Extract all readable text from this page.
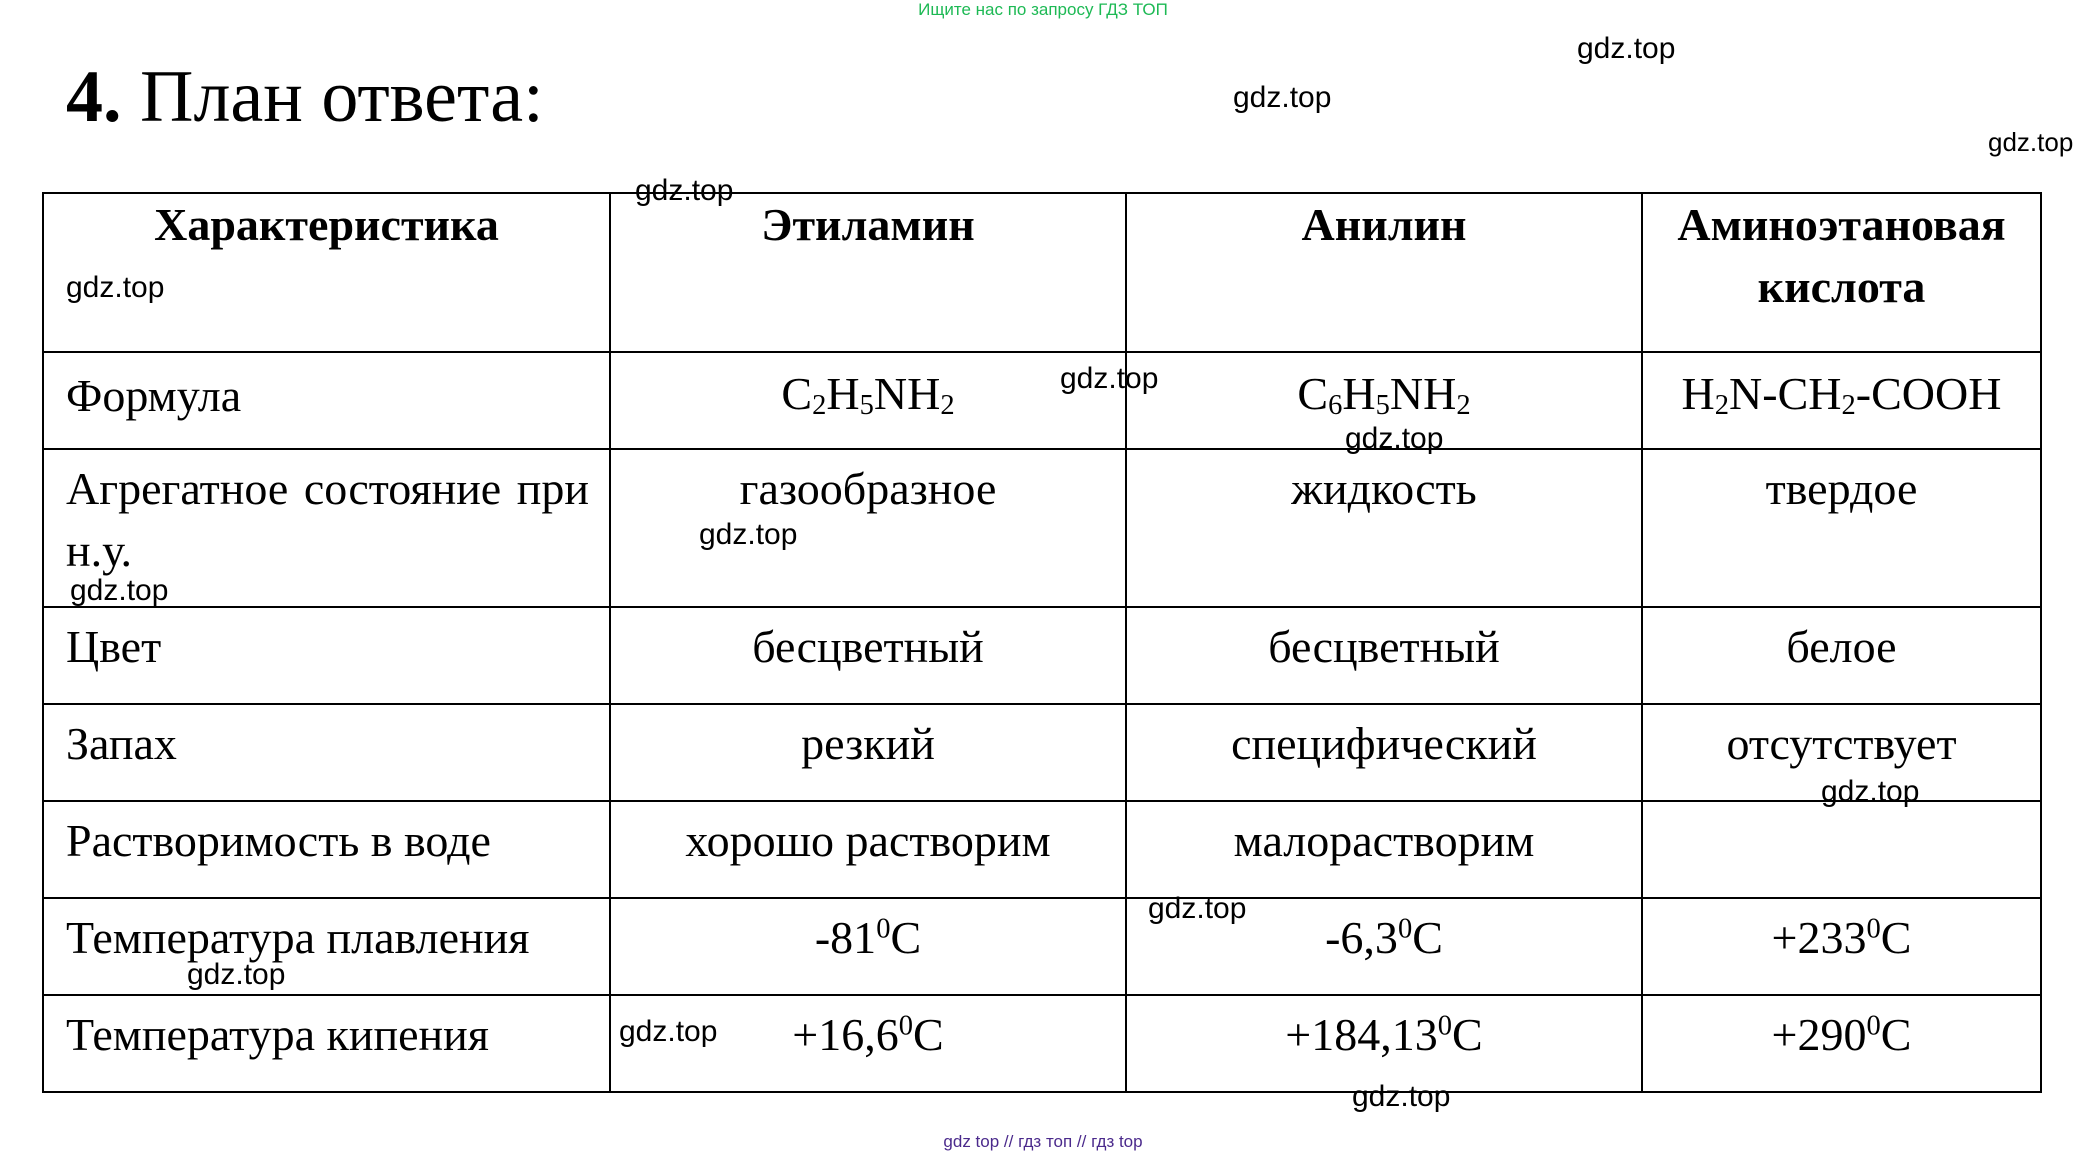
Ищите нас по запросу ГДЗ ТОП
4. План ответа:
Характеристика	Этиламин	Анилин	Аминоэтановая кислота
Формула	$C_2H_5NH_2$	$C_6H_5NH_2$	$H_2N-CH_2$-COOH
Агрегатное состояние при н.у.	газообразное	жидкость	твердое
Цвет	бесцветный	бесцветный	белое
Запах	резкий	специфический	отсутствует
Растворимость в воде	хорошо растворим	малорастворим	
Температура плавления	$-81^0C$	$-6,3^0C$	$+233^0C$
Температура кипения	$+16,6^0C$	$+184,13^0C$	$+290^0C$
gdz.top
gdz.top
gdz.top
gdz.top
gdz.top
gdz.top
gdz.top
gdz.top
gdz.top
gdz.top
gdz.top
gdz.top
gdz.top
gdz.top
gdz top // гдз топ // гдз top
